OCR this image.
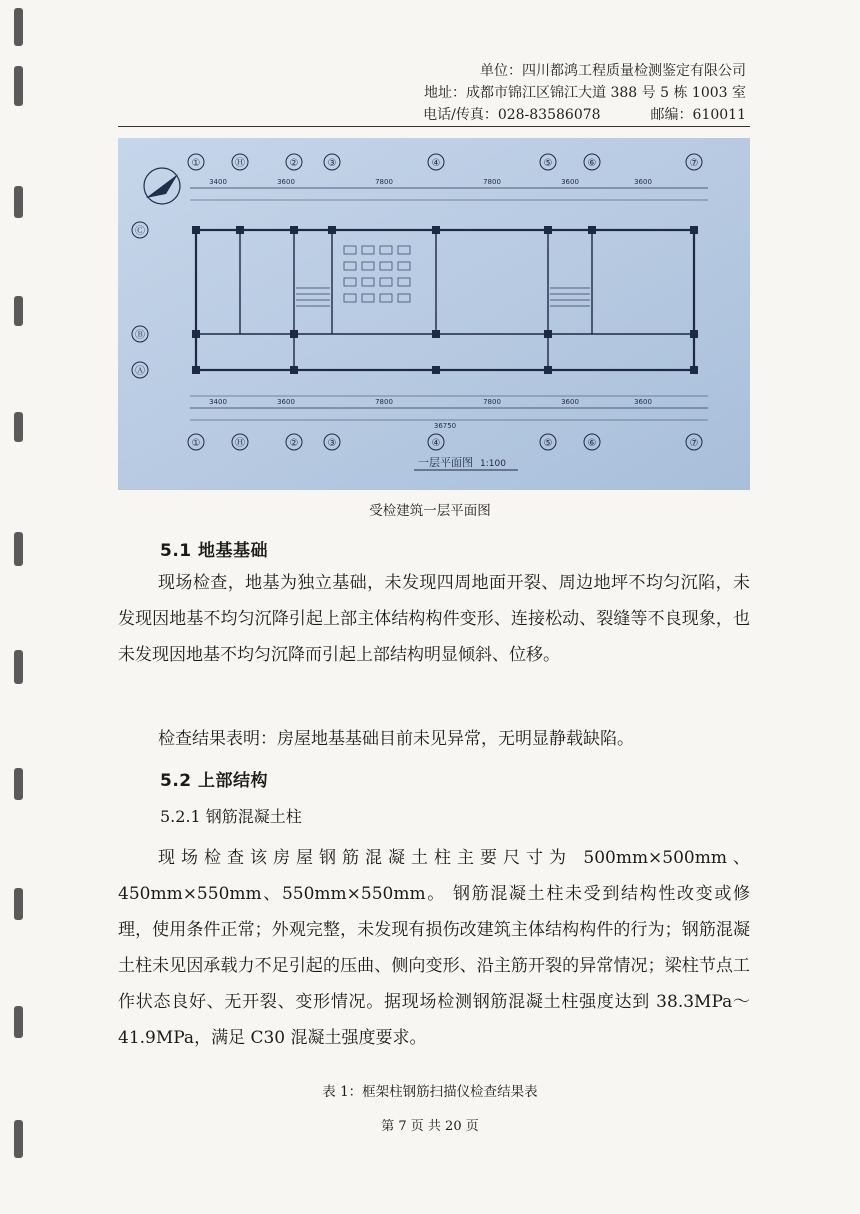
单位：四川都鸿工程质量检测鉴定有限公司
地址：成都市锦江区锦江大道 388 号 5 栋 1003 室
电话/传真：028-83586078	邮编：610011
①	Ⓗ	②	③	④	⑤	⑥	⑦
①	Ⓗ	②	③	④	⑤	⑥	⑦
Ⓒ
Ⓑ
Ⓐ
3400
3400
3600
3600
7800
7800
7800
7800
3600
3600
3600
3600
36750
一层平面图 1:100
受检建筑一层平面图
5.1 地基基础

现场检查，地基为独立基础，未发现四周地面开裂、周边地坪不均匀沉陷，未发现因地基不均匀沉降引起上部主体结构构件变形、连接松动、裂缝等不良现象，也未发现因地基不均匀沉降而引起上部结构明显倾斜、位移。

检查结果表明：房屋地基基础目前未见异常，无明显静载缺陷。

5.2 上部结构
5.2.1 钢筋混凝土柱

现场检查该房屋钢筋混凝土柱主要尺寸为 500mm×500mm、450mm×550mm、550mm×550mm。 钢筋混凝土柱未受到结构性改变或修理，使用条件正常；外观完整，未发现有损伤改建筑主体结构构件的行为；钢筋混凝土柱未见因承载力不足引起的压曲、侧向变形、沿主筋开裂的异常情况；梁柱节点工作状态良好、无开裂、变形情况。据现场检测钢筋混凝土柱强度达到 38.3MPa～41.9MPa，满足 C30 混凝土强度要求。

表 1：框架柱钢筋扫描仪检查结果表
第 7 页 共 20 页
